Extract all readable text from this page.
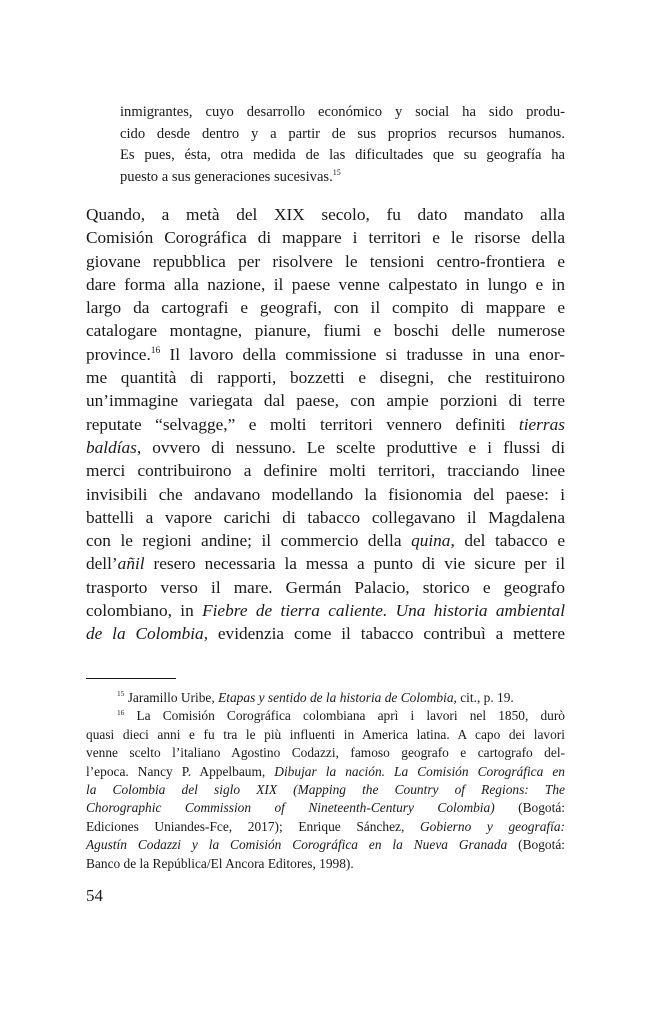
inmigrantes, cuyo desarrollo económico y social ha sido produ-
cido desde dentro y a partir de sus proprios recursos humanos.
Es pues, ésta, otra medida de las dificultades que su geografía ha
puesto a sus generaciones sucesivas.$^{15}$
Quando, a metà del XIX secolo, fu dato mandato alla
Comisión Corográfica di mappare i territori e le risorse della
giovane repubblica per risolvere le tensioni centro-frontiera e
dare forma alla nazione, il paese venne calpestato in lungo e in
largo da cartografi e geografi, con il compito di mappare e
catalogare montagne, pianure, fiumi e boschi delle numerose
province.$^{16}$ Il lavoro della commissione si tradusse in una enor-
me quantità di rapporti, bozzetti e disegni, che restituirono
un’immagine variegata dal paese, con ampie porzioni di terre
reputate “selvagge,” e molti territori vennero definiti tierras
baldías, ovvero di nessuno. Le scelte produttive e i flussi di
merci contribuirono a definire molti territori, tracciando linee
invisibili che andavano modellando la fisionomia del paese: i
battelli a vapore carichi di tabacco collegavano il Magdalena
con le regioni andine; il commercio della quina, del tabacco e
dell’añil resero necessaria la messa a punto di vie sicure per il
trasporto verso il mare. Germán Palacio, storico e geografo
colombiano, in Fiebre de tierra caliente. Una historia ambiental
de la Colombia, evidenzia come il tabacco contribuì a mettere
$^{15}$ Jaramillo Uribe, Etapas y sentido de la historia de Colombia, cit., p. 19.
$^{16}$ La Comisión Corográfica colombiana aprì i lavori nel 1850, durò
quasi dieci anni e fu tra le più influenti in America latina. A capo dei lavori
venne scelto l’italiano Agostino Codazzi, famoso geografo e cartografo del-
l’epoca. Nancy P. Appelbaum, Dibujar la nación. La Comisión Corográfica en
la Colombia del siglo XIX (Mapping the Country of Regions: The
Chorographic Commission of Nineteenth-Century Colombia) (Bogotá:
Ediciones Uniandes-Fce, 2017); Enrique Sánchez, Gobierno y geografía:
Agustín Codazzi y la Comisión Corográfica en la Nueva Granada (Bogotá:
Banco de la República/El Ancora Editores, 1998).
54
